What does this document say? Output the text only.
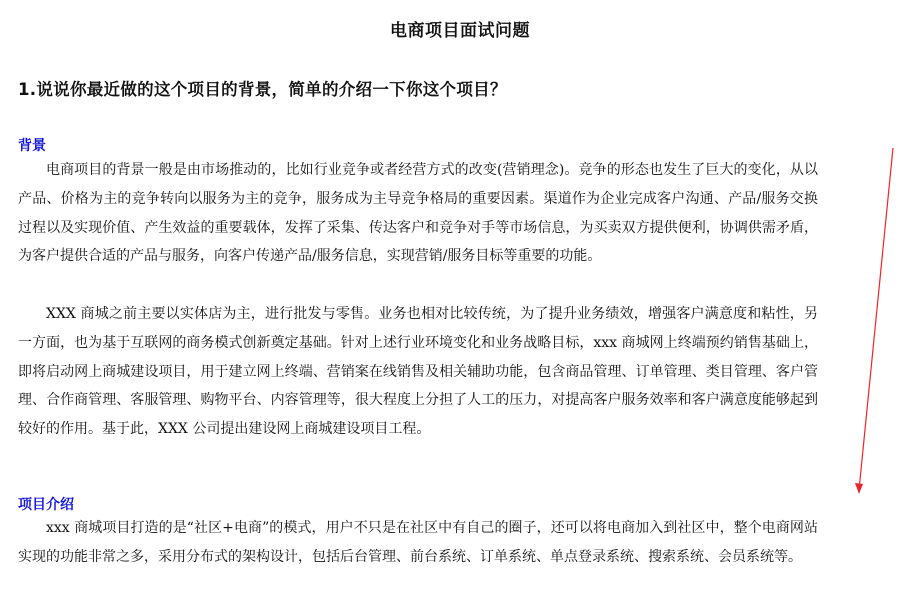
电商项目面试问题
1.说说你最近做的这个项目的背景，简单的介绍一下你这个项目？
背景

电商项目的背景一般是由市场推动的，比如行业竞争或者经营方式的改变(营销理念)。竞争的形态也发生了巨大的变化，从以产品、价格为主的竞争转向以服务为主的竞争，服务成为主导竞争格局的重要因素。渠道作为企业完成客户沟通、产品/服务交换过程以及实现价值、产生效益的重要载体，发挥了采集、传达客户和竞争对手等市场信息，为买卖双方提供便利，协调供需矛盾，为客户提供合适的产品与服务，向客户传递产品/服务信息，实现营销/服务目标等重要的功能。

XXX 商城之前主要以实体店为主，进行批发与零售。业务也相对比较传统，为了提升业务绩效，增强客户满意度和粘性，另一方面，也为基于互联网的商务模式创新奠定基础。针对上述行业环境变化和业务战略目标，xxx 商城网上终端预约销售基础上，即将启动网上商城建设项目，用于建立网上终端、营销案在线销售及相关辅助功能，包含商品管理、订单管理、类目管理、客户管理、合作商管理、客服管理、购物平台、内容管理等，很大程度上分担了人工的压力，对提高客户服务效率和客户满意度能够起到较好的作用。基于此，XXX 公司提出建设网上商城建设项目工程。

项目介绍

xxx 商城项目打造的是“社区+电商”的模式，用户不只是在社区中有自己的圈子，还可以将电商加入到社区中，整个电商网站实现的功能非常之多，采用分布式的架构设计，包括后台管理、前台系统、订单系统、单点登录系统、搜索系统、会员系统等。
